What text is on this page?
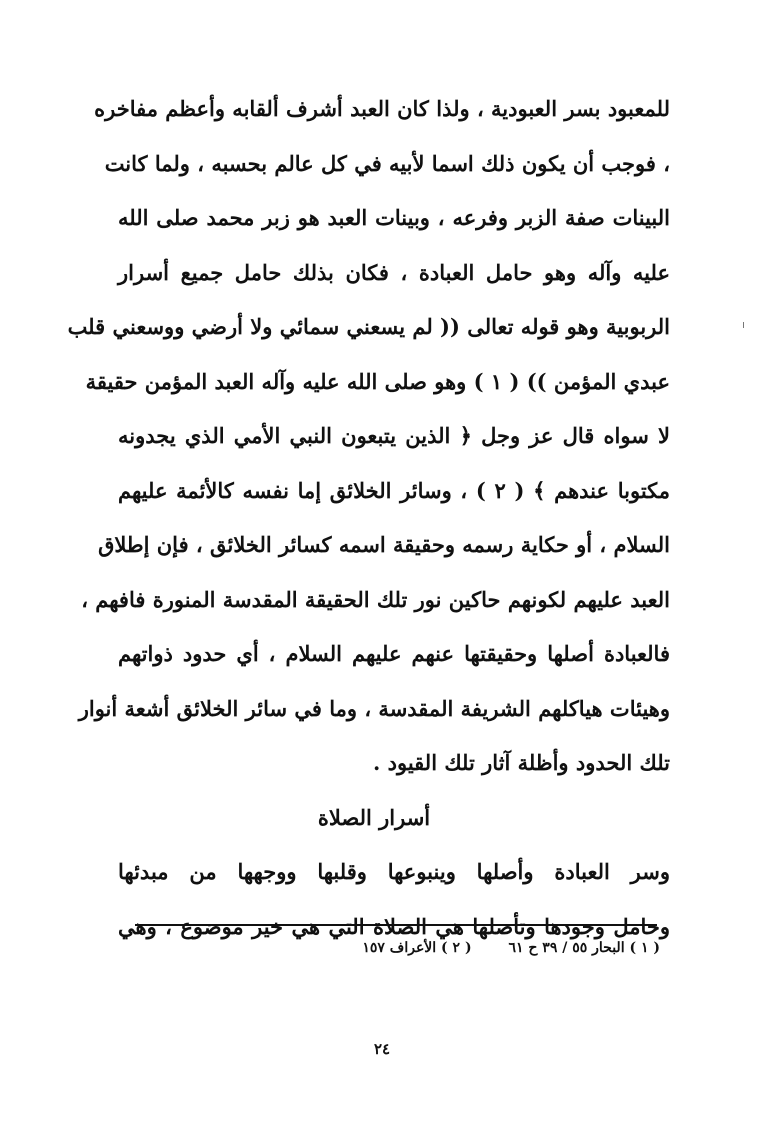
للمعبود بسر العبودية ، ولذا كان العبد أشرف ألقابه وأعظم مفاخره
، فوجب أن يكون ذلك اسما لأبيه في كل عالم بحسبه ، ولما كانت
البينات صفة الزبر وفرعه ، وبينات العبد هو زبر محمد صلى الله
عليه وآله وهو حامل العبادة ، فكان بذلك حامل جميع أسرار
الربوبية وهو قوله تعالى (( لم يسعني سمائي ولا أرضي ووسعني قلب
عبدي المؤمن )) ( ١ ) وهو صلى الله عليه وآله العبد المؤمن حقيقة
لا سواه قال عز وجل ﴿ الذين يتبعون النبي الأمي الذي يجدونه
مكتوبا عندهم ﴾ ( ٢ ) ، وسائر الخلائق إما نفسه كالأئمة عليهم
السلام ، أو حكاية رسمه وحقيقة اسمه كسائر الخلائق ، فإن إطلاق
العبد عليهم لكونهم حاكين نور تلك الحقيقة المقدسة المنورة فافهم ،
فالعبادة أصلها وحقيقتها عنهم عليهم السلام ، أي حدود ذواتهم
وهيئات هياكلهم الشريفة المقدسة ، وما في سائر الخلائق أشعة أنوار
تلك الحدود وأظلة آثار تلك القيود .
أسرار الصلاة
وسر العبادة وأصلها وينبوعها وقلبها ووجهها من مبدئها
وحامل وجودها وتأصلها هي الصلاة التي هي خير موضوع ، وهي
( ١ ) البحار ٥٥ / ٣٩ ح ٦١ ( ٢ ) الأعراف ١٥٧
٢٤
